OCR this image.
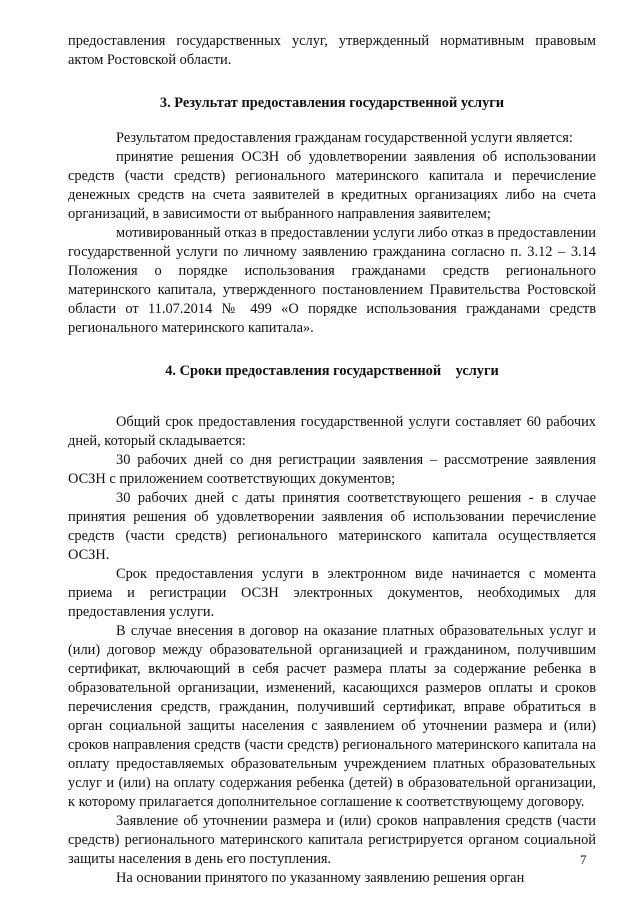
предоставления государственных услуг, утвержденный нормативным правовым актом Ростовской области.

3. Результат предоставления государственной услуги

Результатом предоставления гражданам государственной услуги является:

принятие решения ОСЗН об удовлетворении заявления об использовании средств (части средств) регионального материнского капитала и перечисление денежных средств на счета заявителей в кредитных организациях либо на счета организаций, в зависимости от выбранного направления заявителем;

мотивированный отказ в предоставлении услуги либо отказ в предоставлении государственной услуги по личному заявлению гражданина согласно п. 3.12 – 3.14 Положения о порядке использования гражданами средств регионального материнского капитала, утвержденного постановлением Правительства Ростовской области от 11.07.2014 № 499 «О порядке использования гражданами средств регионального материнского капитала».

4. Сроки предоставления государственной    услуги

Общий срок предоставления государственной услуги составляет 60 рабочих дней, который складывается:

30 рабочих дней со дня регистрации заявления – рассмотрение заявления ОСЗН с приложением соответствующих документов;

30 рабочих дней с даты принятия соответствующего решения - в случае принятия решения об удовлетворении заявления об использовании перечисление средств (части средств) регионального материнского капитала осуществляется ОСЗН.

Срок предоставления услуги в электронном виде начинается с момента приема и регистрации ОСЗН электронных документов, необходимых для предоставления услуги.

В случае внесения в договор на оказание платных образовательных услуг и (или) договор между образовательной организацией и гражданином, получившим сертификат, включающий в себя расчет размера платы за содержание ребенка в образовательной организации, изменений, касающихся размеров оплаты и сроков перечисления средств, гражданин, получивший сертификат, вправе обратиться в орган социальной защиты населения с заявлением об уточнении размера и (или) сроков направления средств (части средств) регионального материнского капитала на оплату предоставляемых образовательным учреждением платных образовательных услуг и (или) на оплату содержания ребенка (детей) в образовательной организации, к которому прилагается дополнительное соглашение к соответствующему договору.

Заявление об уточнении размера и (или) сроков направления средств (части средств) регионального материнского капитала регистрируется органом социальной защиты населения в день его поступления.

На основании принятого по указанному заявлению решения орган

7
